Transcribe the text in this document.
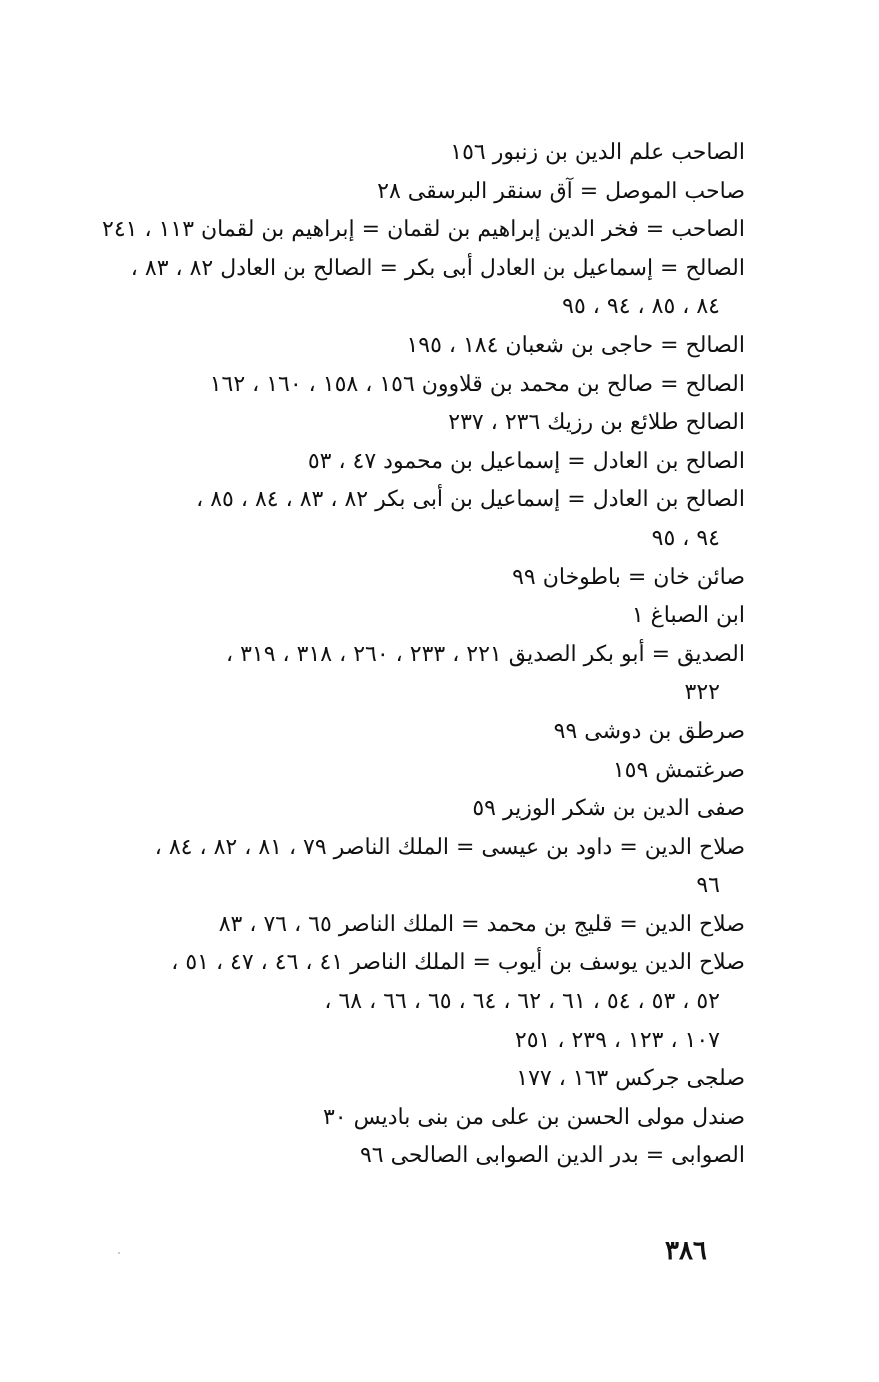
الصاحب علم الدين بن زنبور ١٥٦
صاحب الموصل = آق سنقر البرسقى ٢٨
الصاحب = فخر الدين إبراهيم بن لقمان = إبراهيم بن لقمان ١١٣ ، ٢٤١
الصالح = إسماعيل بن العادل أبى بكر = الصالح بن العادل ٨٢ ، ٨٣ ،
٨٤ ، ٨٥ ، ٩٤ ، ٩٥
الصالح = حاجى بن شعبان ١٨٤ ، ١٩٥
الصالح = صالح بن محمد بن قلاوون ١٥٦ ، ١٥٨ ، ١٦٠ ، ١٦٢
الصالح طلائع بن رزيك ٢٣٦ ، ٢٣٧
الصالح بن العادل = إسماعيل بن محمود ٤٧ ، ٥٣
الصالح بن العادل = إسماعيل بن أبى بكر ٨٢ ، ٨٣ ، ٨٤ ، ٨٥ ،
٩٤ ، ٩٥
صائن خان = باطوخان ٩٩
ابن الصباغ ١
الصديق = أبو بكر الصديق ٢٢١ ، ٢٣٣ ، ٢٦٠ ، ٣١٨ ، ٣١٩ ،
٣٢٢
صرطق بن دوشى ٩٩
صرغتمش ١٥٩
صفى الدين بن شكر الوزير ٥٩
صلاح الدين = داود بن عيسى = الملك الناصر ٧٩ ، ٨١ ، ٨٢ ، ٨٤ ،
٩٦
صلاح الدين = قليج بن محمد = الملك الناصر ٦٥ ، ٧٦ ، ٨٣
صلاح الدين يوسف بن أيوب = الملك الناصر ٤١ ، ٤٦ ، ٤٧ ، ٥١ ،
٥٢ ، ٥٣ ، ٥٤ ، ٦١ ، ٦٢ ، ٦٤ ، ٦٥ ، ٦٦ ، ٦٨ ،
١٠٧ ، ١٢٣ ، ٢٣٩ ، ٢٥١
صلجى جركس ١٦٣ ، ١٧٧
صندل مولى الحسن بن على من بنى باديس ٣٠
الصوابى = بدر الدين الصوابى الصالحى ٩٦
٣٨٦
